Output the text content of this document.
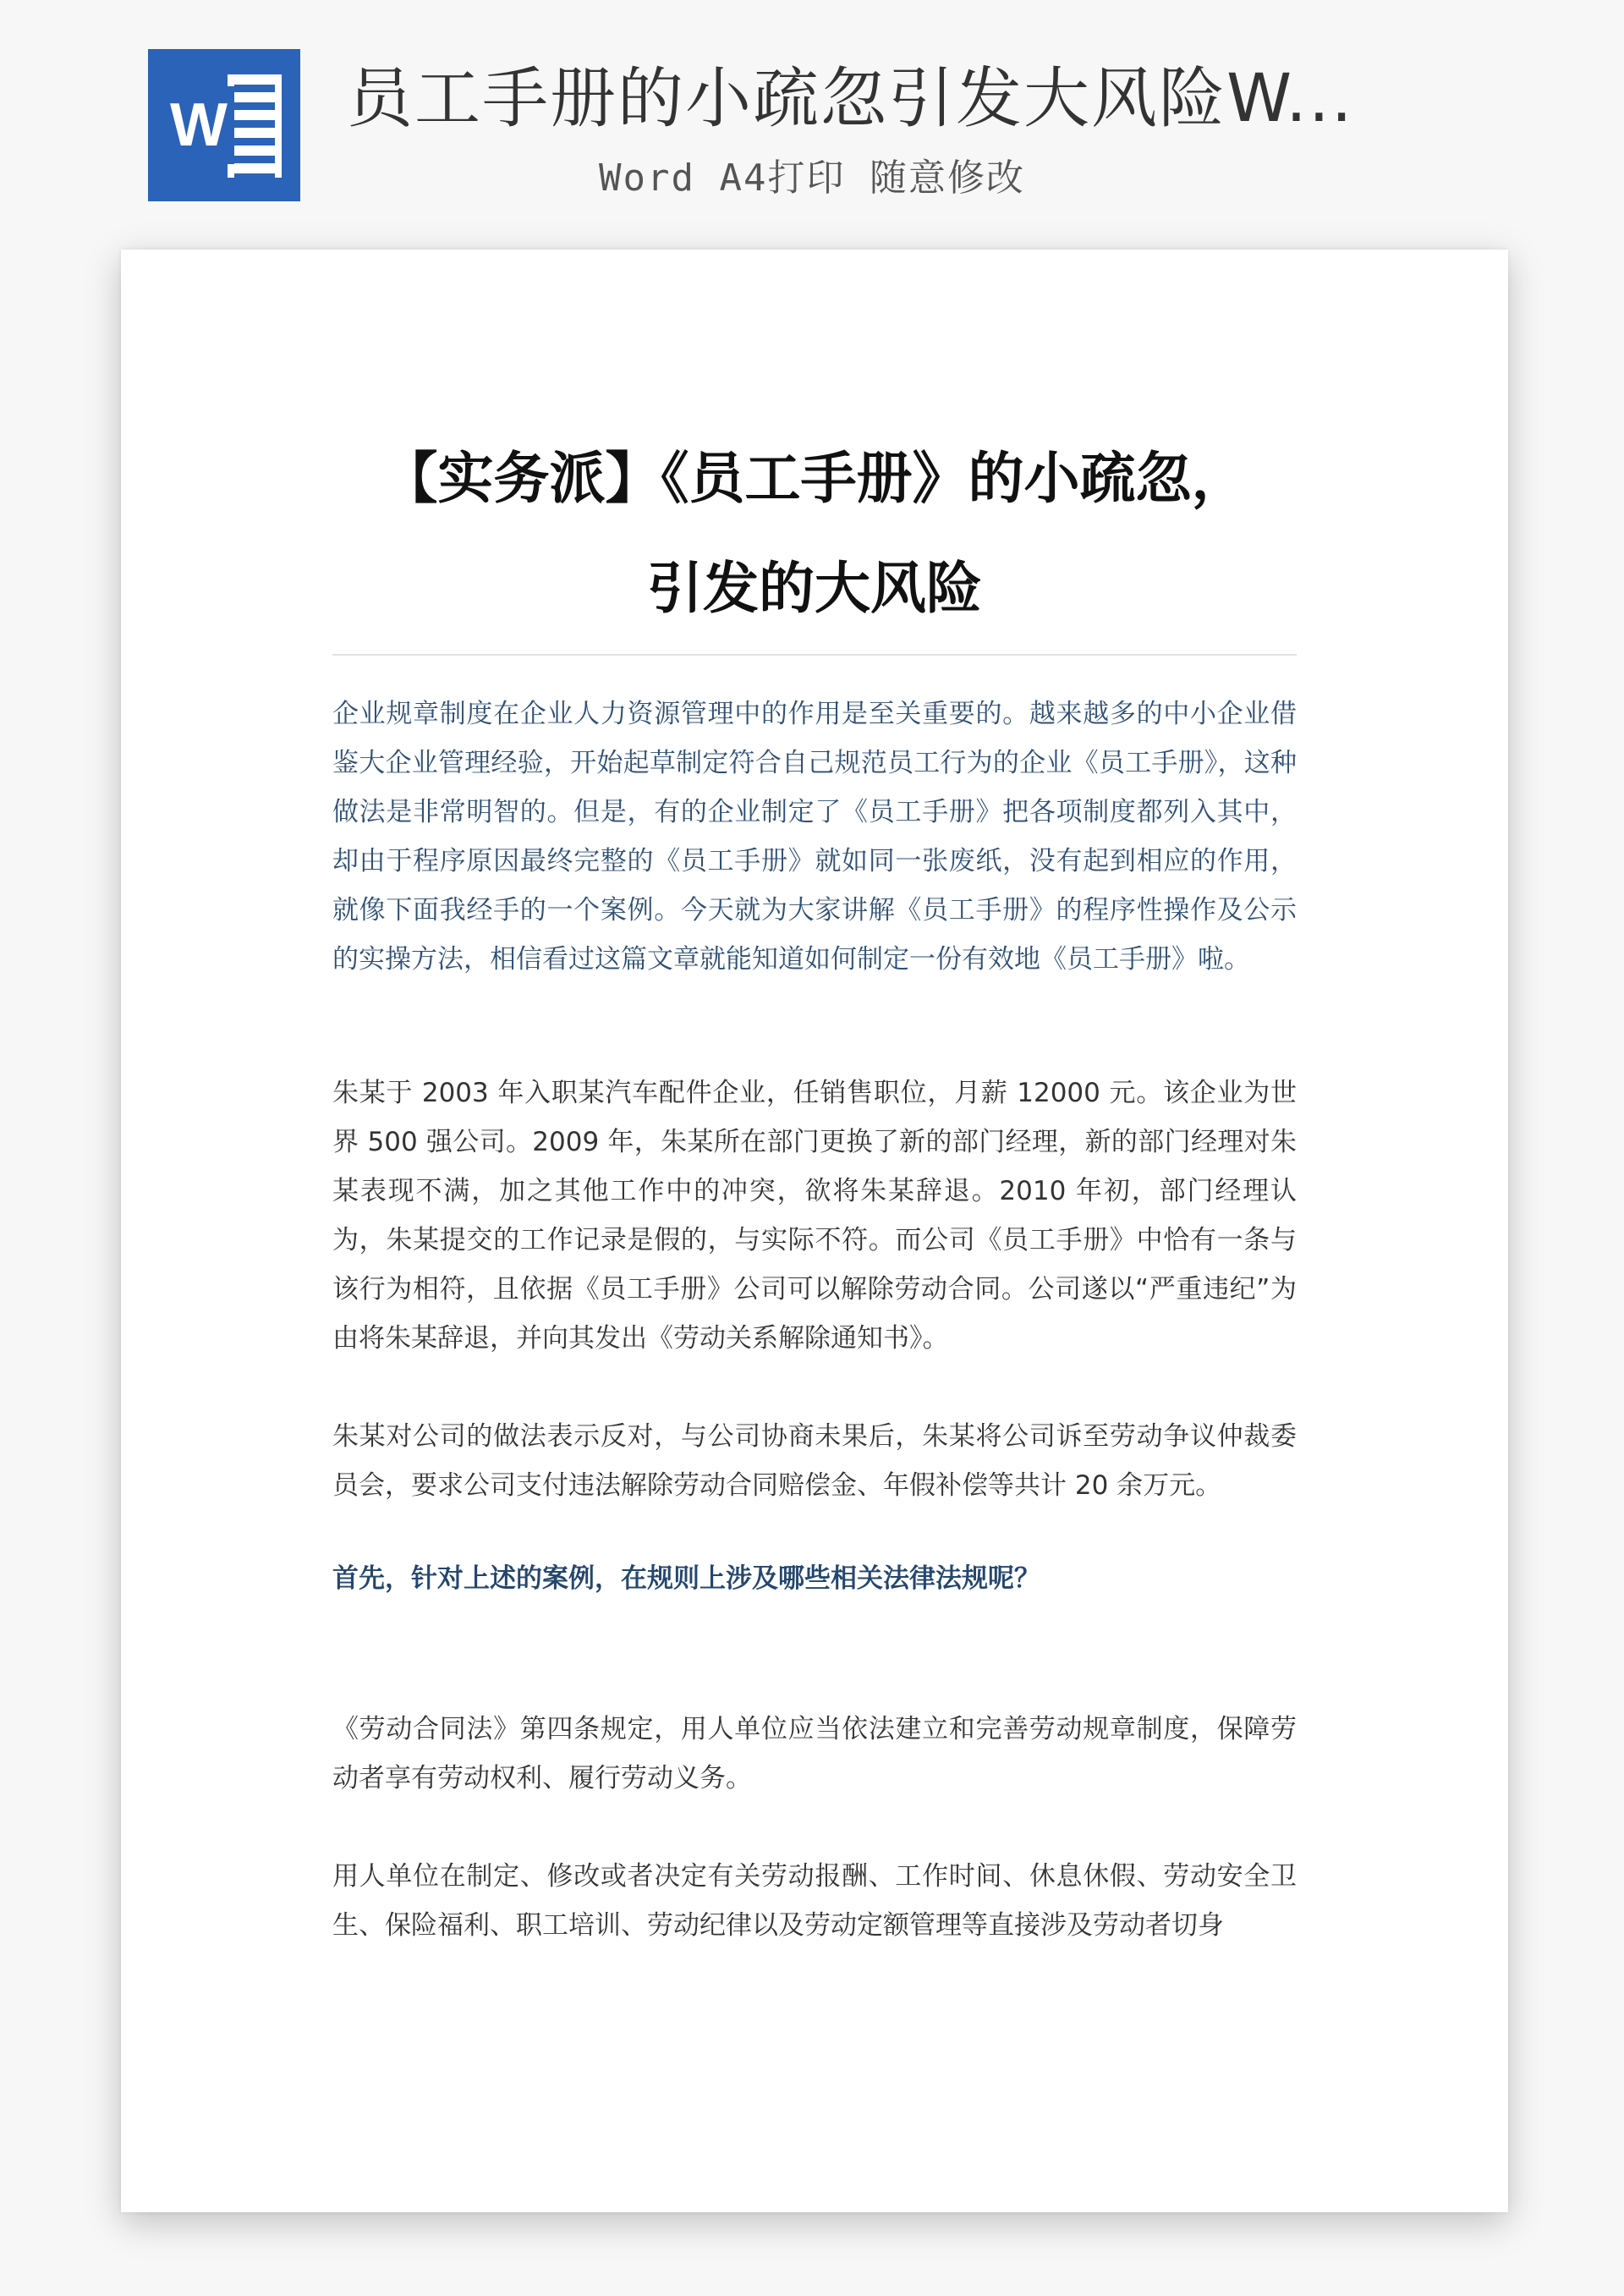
W 员工手册的小疏忽引发大风险W...
Word A4打印 随意修改
【实务派】《员工手册》的小疏忽，
引发的大风险

企业规章制度在企业人力资源管理中的作用是至关重要的。越来越多的中小企业借鉴大企业管理经验，开始起草制定符合自己规范员工行为的企业《员工手册》，这种做法是非常明智的。但是，有的企业制定了《员工手册》把各项制度都列入其中，却由于程序原因最终完整的《员工手册》就如同一张废纸，没有起到相应的作用，就像下面我经手的一个案例。今天就为大家讲解《员工手册》的程序性操作及公示的实操方法，相信看过这篇文章就能知道如何制定一份有效地《员工手册》啦。

朱某于 2003 年入职某汽车配件企业，任销售职位，月薪 12000 元。该企业为世界 500 强公司。2009 年，朱某所在部门更换了新的部门经理，新的部门经理对朱某表现不满，加之其他工作中的冲突，欲将朱某辞退。2010 年初，部门经理认为，朱某提交的工作记录是假的，与实际不符。而公司《员工手册》中恰有一条与该行为相符，且依据《员工手册》公司可以解除劳动合同。公司遂以“严重违纪”为由将朱某辞退，并向其发出《劳动关系解除通知书》。

朱某对公司的做法表示反对，与公司协商未果后，朱某将公司诉至劳动争议仲裁委员会，要求公司支付违法解除劳动合同赔偿金、年假补偿等共计 20 余万元。

首先，针对上述的案例，在规则上涉及哪些相关法律法规呢？

《劳动合同法》第四条规定，用人单位应当依法建立和完善劳动规章制度，保障劳动者享有劳动权利、履行劳动义务。

用人单位在制定、修改或者决定有关劳动报酬、工作时间、休息休假、劳动安全卫生、保险福利、职工培训、劳动纪律以及劳动定额管理等直接涉及劳动者切身
